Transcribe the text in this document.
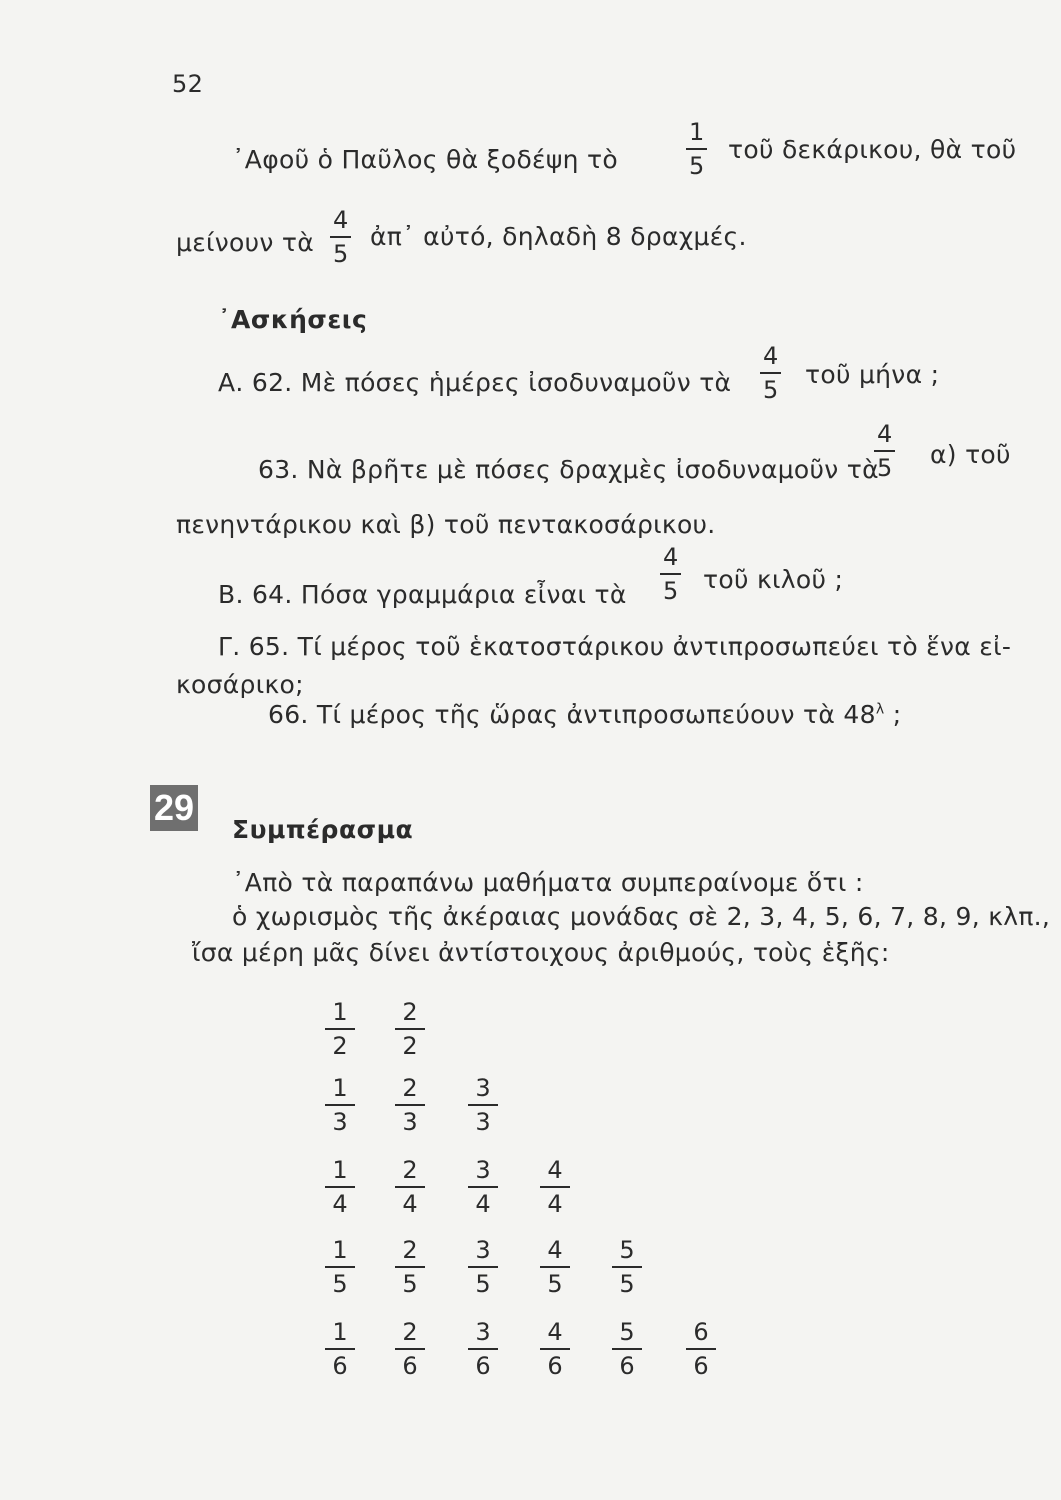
52
᾿Αφοῦ ὁ Παῦλος θὰ ξοδέψη τὸ
1
5
τοῦ δεκάρικου, θὰ τοῦ
μείνουν τὰ
4
5
ἀπ᾿ αὐτό, δηλαδὴ 8 δραχμές.
᾿Ασκήσεις
Α. 62. Μὲ πόσες ἡμέρες ἰσοδυναμοῦν τὰ
4
5
τοῦ μήνα ;
63. Νὰ βρῆτε μὲ πόσες δραχμὲς ἰσοδυναμοῦν τὰ
4
5 α) τοῦ
πενηντάρικου καὶ β) τοῦ πεντακοσάρικου.
Β. 64. Πόσα γραμμάρια εἶναι τὰ
4
5 τοῦ κιλοῦ ;
Γ. 65. Τί μέρος τοῦ ἑκατοστάρικου ἀντιπροσωπεύει τὸ ἕνα εἰ-
κοσάρικο;
66. Τί μέρος τῆς ὥρας ἀντιπροσωπεύουν τὰ $48^\lambda$ ;
29
Συμπέρασμα
᾿Απὸ τὰ παραπάνω μαθήματα συμπεραίνομε ὅτι :
ὁ χωρισμὸς τῆς ἀκέραιας μονάδας σὲ 2, 3, 4, 5, 6, 7, 8, 9, κλπ.,
ἴσα μέρη μᾶς δίνει ἀντίστοιχους ἀριθμούς, τοὺς ἑξῆς:
1
2
2
2
1
3
2
3
3
3
1
4
2
4
3
4
4
4
1
5
2
5
3
5
4
5
5
5
1
6
2
6
3
6
4
6
5
6
6
6
